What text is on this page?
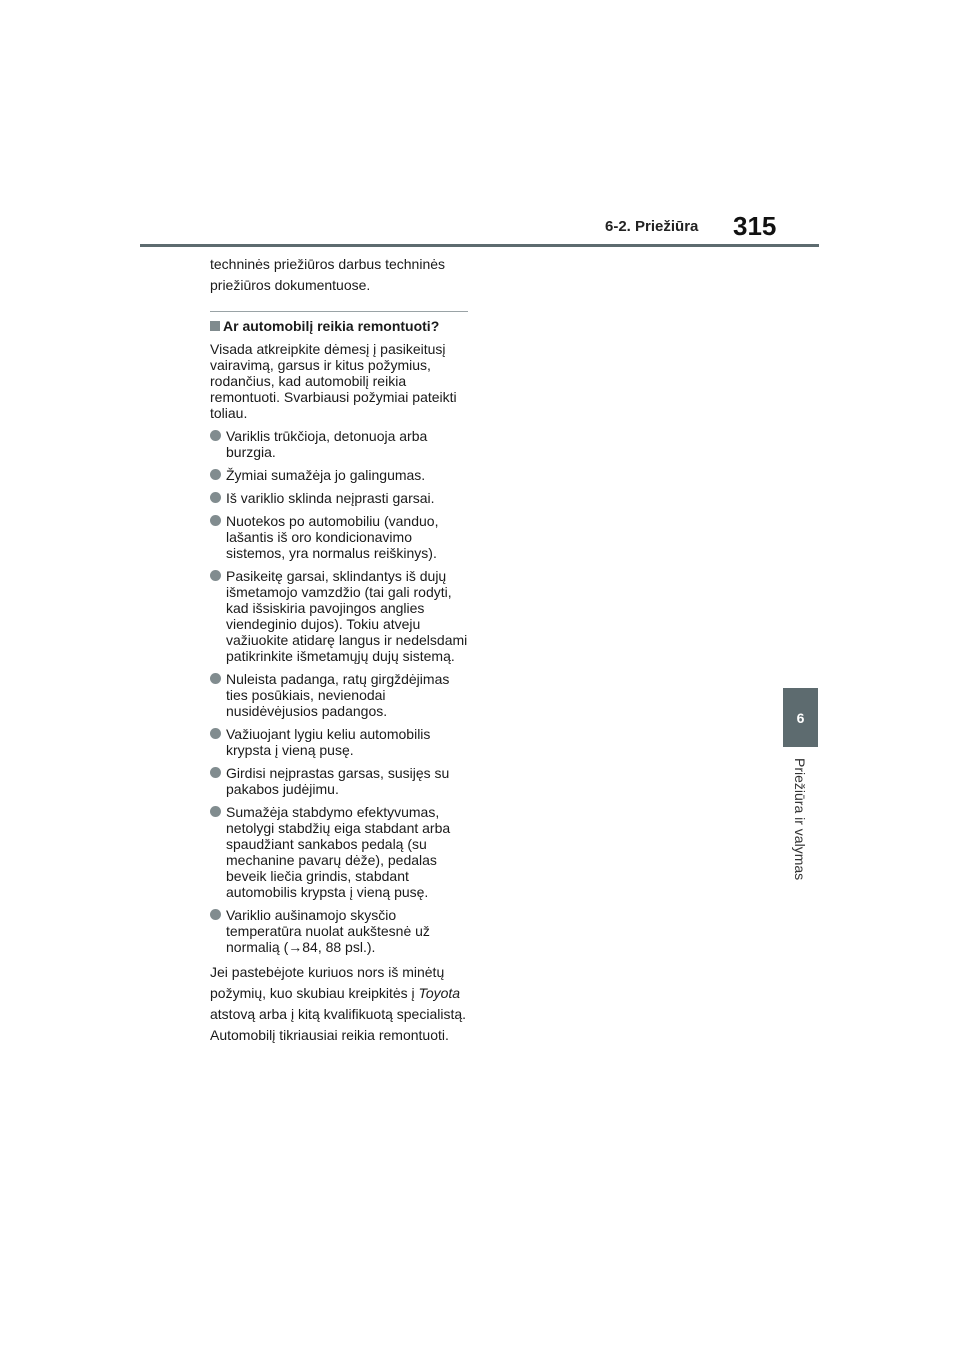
6-2. Priežiūra 315
6
Priežiūra ir valymas

techninės priežiūros darbus techninės priežiūros dokumentuose.

Ar automobilį reikia remontuoti?

Visada atkreipkite dėmesį į pasikeitusį vairavimą, garsus ir kitus požymius, rodančius, kad automobilį reikia remontuoti. Svarbiausi požymiai pateikti toliau.

Variklis trūkčioja, detonuoja arba burzgia.
Žymiai sumažėja jo galingumas.
Iš variklio sklinda neįprasti garsai.
Nuotekos po automobiliu (vanduo, lašantis iš oro kondicionavimo sistemos, yra normalus reiškinys).
Pasikeitę garsai, sklindantys iš dujų išmetamojo vamzdžio (tai gali rodyti, kad išsiskiria pavojingos anglies viendeginio dujos). Tokiu atveju važiuokite atidarę langus ir nedelsdami patikrinkite išmetamųjų dujų sistemą.
Nuleista padanga, ratų girgždėjimas ties posūkiais, nevienodai nusidėvėjusios padangos.
Važiuojant lygiu keliu automobilis krypsta į vieną pusę.
Girdisi neįprastas garsas, susijęs su pakabos judėjimu.
Sumažėja stabdymo efektyvumas, netolygi stabdžių eiga stabdant arba spaudžiant sankabos pedalą (su mechanine pavarų dėže), pedalas beveik liečia grindis, stabdant automobilis krypsta į vieną pusę.
Variklio aušinamojo skysčio temperatūra nuolat aukštesnė už normalią (→84, 88 psl.).

Jei pastebėjote kuriuos nors iš minėtų požymių, kuo skubiau kreipkitės į Toyota atstovą arba į kitą kvalifikuotą specialistą. Automobilį tikriausiai reikia remontuoti.
